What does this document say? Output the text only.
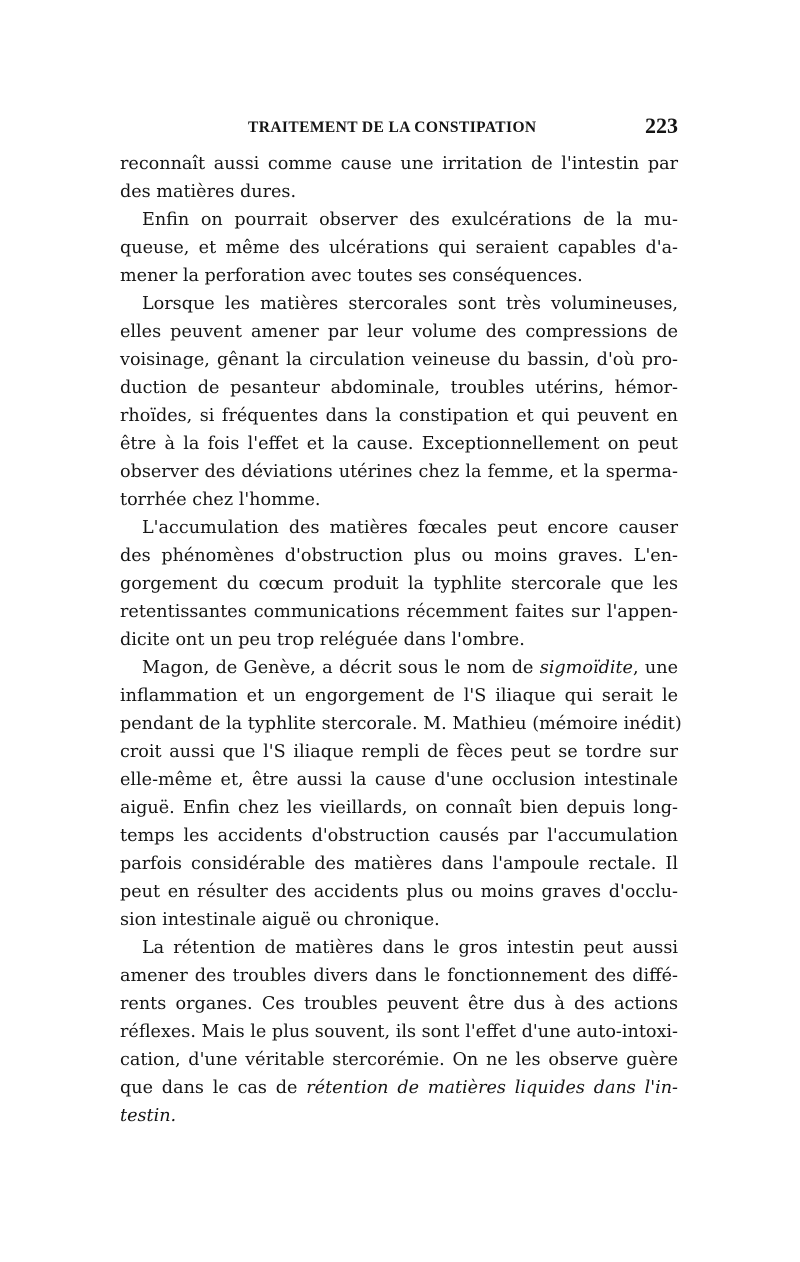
TRAITEMENT DE LA CONSTIPATION	223
reconnaît aussi comme cause une irritation de l'intestin par
des matières dures.
Enfin on pourrait observer des exulcérations de la mu-
queuse, et même des ulcérations qui seraient capables d'a-
mener la perforation avec toutes ses conséquences.
Lorsque les matières stercorales sont très volumineuses,
elles peuvent amener par leur volume des compressions de
voisinage, gênant la circulation veineuse du bassin, d'où pro-
duction de pesanteur abdominale, troubles utérins, hémor-
rhoïdes, si fréquentes dans la constipation et qui peuvent en
être à la fois l'effet et la cause. Exceptionnellement on peut
observer des déviations utérines chez la femme, et la sperma-
torrhée chez l'homme.
L'accumulation des matières fœcales peut encore causer
des phénomènes d'obstruction plus ou moins graves. L'en-
gorgement du cœcum produit la typhlite stercorale que les
retentissantes communications récemment faites sur l'appen-
dicite ont un peu trop reléguée dans l'ombre.
Magon, de Genève, a décrit sous le nom de sigmoïdite, une
inflammation et un engorgement de l'S iliaque qui serait le
pendant de la typhlite stercorale. M. Mathieu (mémoire inédit)
croit aussi que l'S iliaque rempli de fèces peut se tordre sur
elle-même et, être aussi la cause d'une occlusion intestinale
aiguë. Enfin chez les vieillards, on connaît bien depuis long-
temps les accidents d'obstruction causés par l'accumulation
parfois considérable des matières dans l'ampoule rectale. Il
peut en résulter des accidents plus ou moins graves d'occlu-
sion intestinale aiguë ou chronique.
La rétention de matières dans le gros intestin peut aussi
amener des troubles divers dans le fonctionnement des diffé-
rents organes. Ces troubles peuvent être dus à des actions
réflexes. Mais le plus souvent, ils sont l'effet d'une auto-intoxi-
cation, d'une véritable stercorémie. On ne les observe guère
que dans le cas de rétention de matières liquides dans l'in-
testin.
